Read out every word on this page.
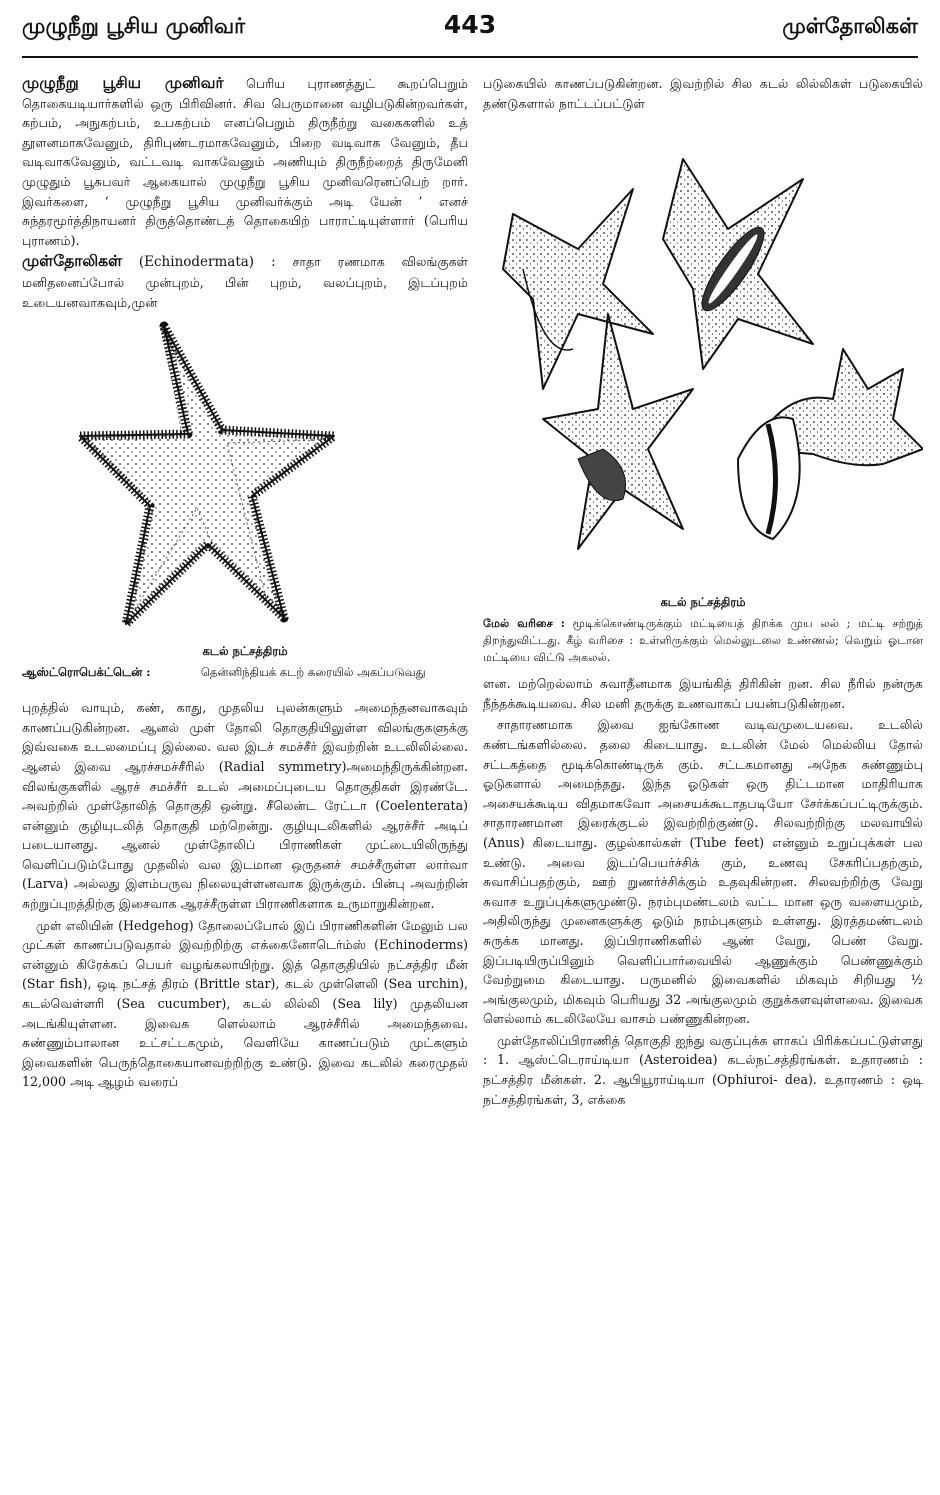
முழுநீறு பூசிய முனிவர்	443	முள்தோலிகள்

முழுநீறு பூசிய முனிவர் பெரிய புராணத்துட் கூறப்பெறும் தொகையடியார்களில் ஒரு பிரிவினர். சிவ பெருமானை வழிபடுகின்றவர்கள், கற்பம், அநுகற்பம், உபகற்பம் எனப்பெறும் திருநீற்று வகைகளில் உத் தூளனமாகவேனும், திரிபுண்டரமாகவேனும், பிறை வடிவாக வேனும், தீப வடிவாகவேனும், வட்டவடி வாகவேனும் அணியும் திருநீற்றைத் திருமேனி முழுதும் பூசுபவர் ஆகையால் முழுநீறு பூசிய முனிவரெனப்பெற் றார். இவர்களை, ‘ முழுநீறு பூசிய முனிவர்க்கும் அடி யேன் ’ எனச் சுந்தரமூர்த்திநாயனர் திருத்தொண்டத் தொகையிற் பாராட்டியுள்ளார் (பெரிய புராணம்).

முள்தோலிகள் (Echinodermata) : சாதா ரணமாக விலங்குகள் மனிதனைப்போல் முன்புறம், பின் புறம், வலப்புறம், இடப்புறம் உடையனவாகவும்,முன்

கடல் நட்சத்திரம்
ஆஸ்ட்ரொபெக்ட்டென் :	தென்னிந்தியக் கடற் கரையில் அகப்படுவது

புறத்தில் வாயும், கண், காது, முதலிய புலன்களும் அமைந்தனவாகவும் காணப்படுகின்றன. ஆனல் முள் தோலி தொகுதியிலுள்ள விலங்குகளுக்கு இவ்வகை உடலமைப்பு இல்லை. வல இடச் சமச்சீர் இவற்றின் உடலிலில்லை. ஆனல் இவை ஆரச்சமச்சீரில் (Radial symmetry)அமைந்திருக்கின்றன. விலங்குகளில் ஆரச் சமச்சீர் உடல் அமைப்புடைய தொகுதிகள் இரண்டே. அவற்றில் முள்தோலித் தொகுதி ஒன்று. சீலென்ட ரேட்டா (Coelenterata) என்னும் குழியுடலித் தொகுதி மற்றென்று. குழியுடலிகளில் ஆரச்சீர் அடிப் படையானது. ஆனல் முள்தோலிப் பிராணிகள் முட்டையிலிருந்து வெளிப்படும்போது முதலில் வல இடமான ஒருதனச் சமச்சீருள்ள லார்வா (Larva) அல்லது இளம்பருவ நிலையுள்ளனவாக இருக்கும். பின்பு அவற்றின் சுற்றுப்புறத்திற்கு இசைவாக ஆரச்சீருள்ள பிராணிகளாக உருமாறுகின்றன.

முள் எலியின் (Hedgehog) தோலைப்போல் இப் பிராணிகளின் மேலும் பல முட்கள் காணப்படுவதால் இவற்றிற்கு எக்கைனோடெர்ம்ஸ் (Echinoderms) என்னும் கிரேக்கப் பெயர் வழங்கலாயிற்று. இத் தொகுதியில் நட்சத்திர மீன் (Star fish), ஒடி நட்சத் திரம் (Brittle star), கடல் முள்ளெலி (Sea urchin), கடல்வெள்ளரி (Sea cucumber), கடல் லில்லி (Sea lily) முதலியன அடங்கியுள்ளன. இவைக ளெல்லாம் ஆரச்சீரில் அமைந்தவை. சுண்ணும்பாலான உட்சட்டகமும், வெளியே காணப்படும் முட்களும் இவைகளின் பெருந்தொகையானவற்றிற்கு உண்டு. இவை கடலில் கரைமுதல் 12,000 அடி ஆழம் வரைப்

படுகையில் காணப்படுகின்றன. இவற்றில் சில கடல் லில்லிகள் படுகையில் தண்டுகளால் நாட்டப்பட்டுள்

கடல் நட்சத்திரம்

மேல் வரிசை : மூடிக்கொண்டிருக்கும் மட்டியைத் திறக்க முய லல் ; மட்டி சற்றுத் திறந்துவிட்டது. கீழ் வரிசை : உள்ளிருக்கும் மெல்லுடலை உண்ணல்; வெறும் ஓடான மட்டியை விட்டு அகலல்.

ளன. மற்றெல்லாம் சுவாதீனமாக இயங்கித் திரிகின் றன. சில நீரில் நன்ருக நீந்தக்கூடியவை. சில மனி தருக்கு உணவாகப் பயன்படுகின்றன.

சாதாரணமாக இவை ஐங்கோண வடிவமுடையவை. உடலில் கண்டங்களில்லை. தலை கிடையாது. உடலின் மேல் மெல்லிய தோல் சட்டகத்தை மூடிக்கொண்டிருக் கும். சட்டகமானது அநேக சுண்ணும்பு ஓடுகளால் அமைந்தது. இந்த ஓடுகள் ஒரு திட்டமான மாதிரியாக அசையக்கூடிய விதமாகவோ அசையக்கூடாதபடியோ சேர்க்கப்பட்டிருக்கும். சாதாரணமான இரைக்குடல் இவற்றிற்குண்டு. சிலவற்றிற்கு மலவாயில் (Anus) கிடையாது. குழல்கால்கள் (Tube feet) என்னும் உறுப்புக்கள் பல உண்டு. அவை இடப்பெயர்ச்சிக் கும், உணவு சேகரிப்பதற்கும், சுவாசிப்பதற்கும், ஊற் றுணர்ச்சிக்கும் உதவுகின்றன. சிலவற்றிற்கு வேறு சுவாச உறுப்புக்களுமுண்டு. நரம்புமண்டலம் வட்ட மான ஒரு வளையமும், அதிலிருந்து முனைகளுக்கு ஓடும் நரம்புகளும் உள்ளது. இரத்தமண்டலம் சுருக்க மானது. இப்பிராணிகளில் ஆண் வேறு, பெண் வேறு. இப்படியிருப்பினும் வெளிப்பார்வையில் ஆணுக்கும் பெண்ணுக்கும் வேற்றுமை கிடையாது. பருமனில் இவைகளில் மிகவும் சிறியது ½ அங்குலமும், மிகவும் பெரியது 32 அங்குலமும் குறுக்களவுள்ளவை. இவைக ளெல்லாம் கடலிலேயே வாசம் பண்ணுகின்றன.

முள்தோலிப்பிராணித் தொகுதி ஐந்து வகுப்புக்க ளாகப் பிரிக்கப்பட்டுள்ளது : 1. ஆஸ்ட்டெராய்டியா (Asteroidea) கடல்நட்சத்திரங்கள். உதாரணம் : நட்சத்திர மீன்கள். 2. ஆபியூராய்டியா (Ophiuroi- dea). உதாரணம் : ஒடி நட்சத்திரங்கள், 3, எக்கை
